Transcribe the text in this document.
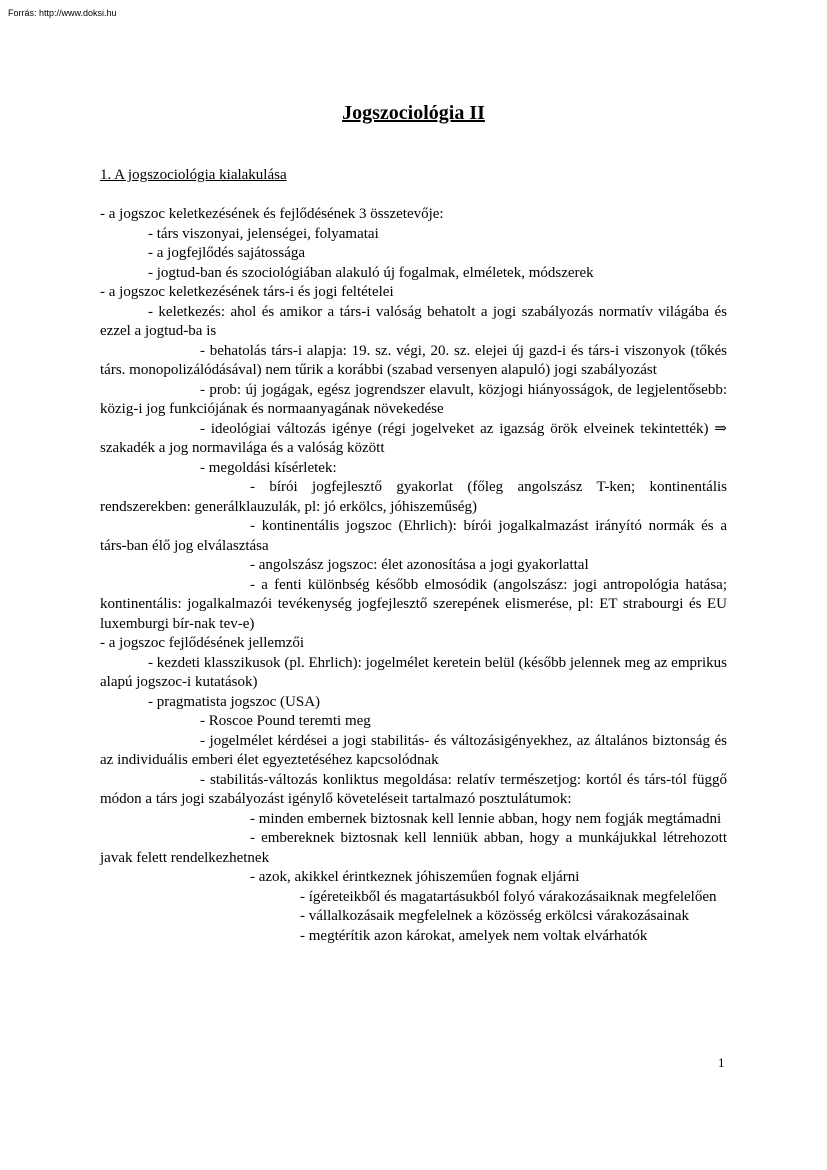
Forrás: http://www.doksi.hu
Jogszociológia II
1. A jogszociológia kialakulása

- a jogszoc keletkezésének és fejlődésének 3 összetevője:

- társ viszonyai, jelenségei, folyamatai

- a jogfejlődés sajátossága

- jogtud-ban és szociológiában alakuló új fogalmak, elméletek, módszerek

- a jogszoc keletkezésének társ-i és jogi feltételei

- keletkezés: ahol és amikor a társ-i valóság behatolt a jogi szabályozás normatív világába és ezzel a jogtud-ba is

- behatolás társ-i alapja: 19. sz. végi, 20. sz. elejei új gazd-i és társ-i viszonyok (tőkés társ. monopolizálódásával) nem tűrik a korábbi (szabad versenyen alapuló) jogi szabályozást

- prob: új jogágak, egész jogrendszer elavult, közjogi hiányosságok, de legjelentősebb: közig-i jog funkciójának és normaanyagának növekedése

- ideológiai változás igénye (régi jogelveket az igazság örök elveinek tekintették) ⇒ szakadék a jog normavilága és a valóság között

- megoldási kísérletek:

- bírói jogfejlesztő gyakorlat (főleg angolszász T-ken; kontinentális rendszerekben: generálklauzulák, pl: jó erkölcs, jóhiszeműség)

- kontinentális jogszoc (Ehrlich): bírói jogalkalmazást irányító normák és a társ-ban élő jog elválasztása

- angolszász jogszoc: élet azonosítása a jogi gyakorlattal

- a fenti különbség később elmosódik (angolszász: jogi antropológia hatása; kontinentális: jogalkalmazói tevékenység jogfejlesztő szerepének elismerése, pl: ET strabourgi és EU luxemburgi bír-nak tev-e)

- a jogszoc fejlődésének jellemzői

- kezdeti klasszikusok (pl. Ehrlich): jogelmélet keretein belül (később jelennek meg az emprikus alapú jogszoc-i kutatások)

- pragmatista jogszoc (USA)

- Roscoe Pound teremti meg

- jogelmélet kérdései a jogi stabilitás- és változásigényekhez, az általános biztonság és az individuális emberi élet egyeztetéséhez kapcsolódnak

- stabilitás-változás konliktus megoldása: relatív természetjog: kortól és társ-tól függő módon a társ jogi szabályozást igénylő követeléseit tartalmazó posztulátumok:

- minden embernek biztosnak kell lennie abban, hogy nem fogják megtámadni

- embereknek biztosnak kell lenniük abban, hogy a munkájukkal létrehozott javak felett rendelkezhetnek

- azok, akikkel érintkeznek jóhiszeműen fognak eljárni

- ígéreteikből és magatartásukból folyó várakozásaiknak megfelelően

- vállalkozásaik megfelelnek a közösség erkölcsi várakozásainak

- megtérítik azon károkat, amelyek nem voltak elvárhatók

1
